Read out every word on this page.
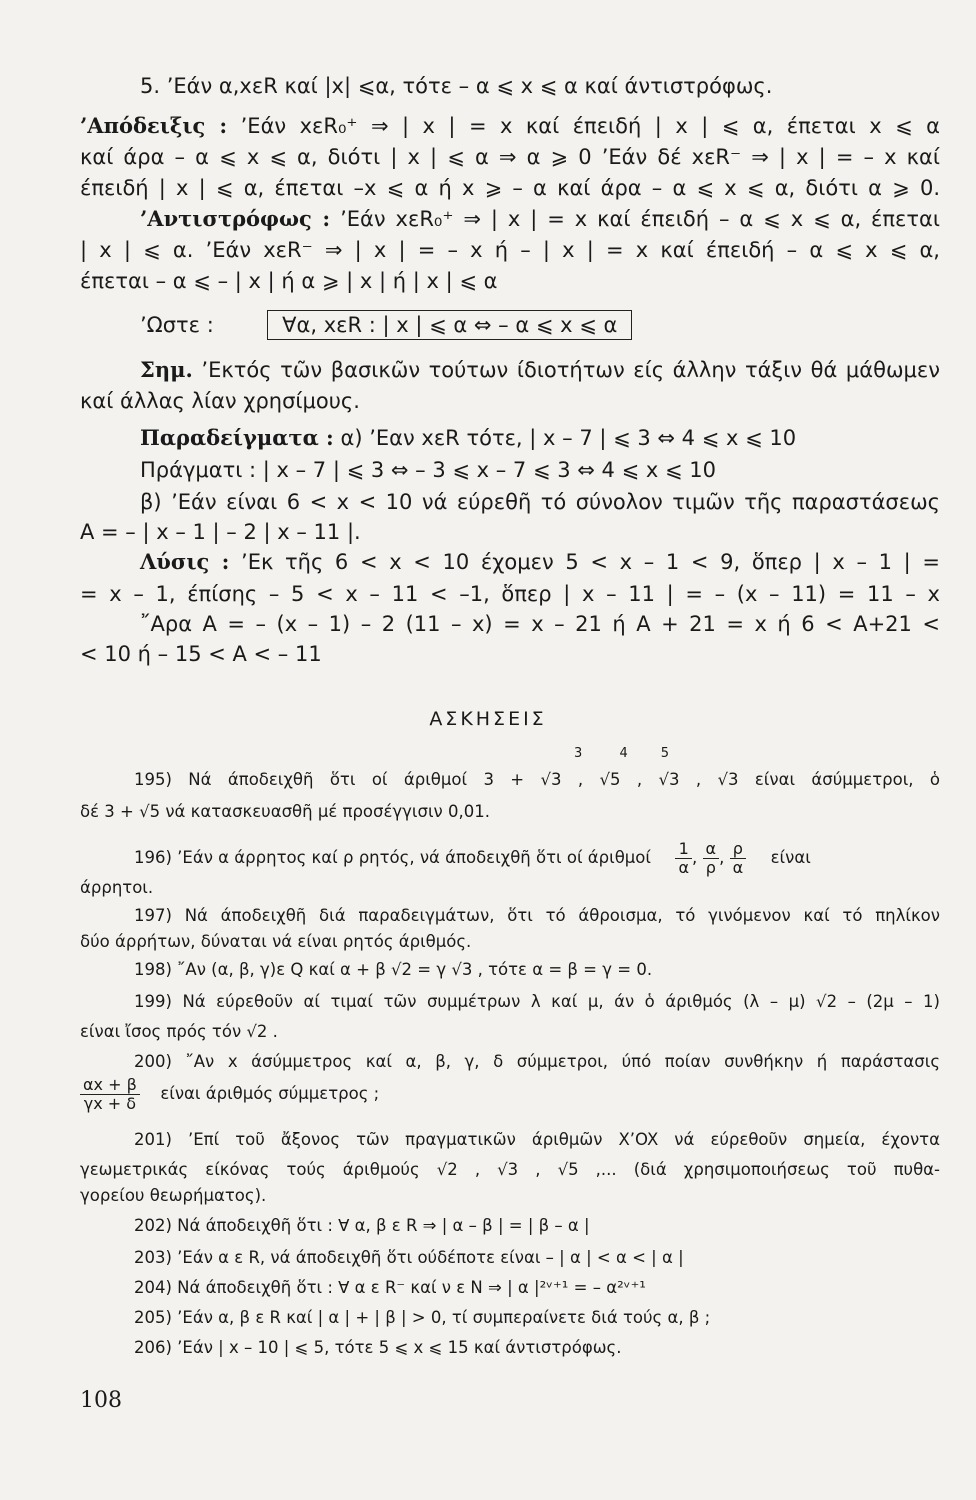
5. ’Εάν α,xεR καί |x| ⩽α, τότε – α ⩽ x ⩽ α καί άντιστρόφως.
’Απόδειξις : ’Εάν xεR₀⁺ ⇒ | x | = x καί έπειδή | x | ⩽ α, έπεται x ⩽ α
καί άρα – α ⩽ x ⩽ α, διότι | x | ⩽ α ⇒ α ⩾ 0 ’Εάν δέ xεR⁻ ⇒ | x | = – x καί
έπειδή | x | ⩽ α, έπεται –x ⩽ α ή x ⩾ – α καί άρα – α ⩽ x ⩽ α, διότι α ⩾ 0.
’Αντιστρόφως : ’Εάν xεR₀⁺ ⇒ | x | = x καί έπειδή – α ⩽ x ⩽ α, έπεται
| x | ⩽ α. ’Εάν xεR⁻ ⇒ | x | = – x ή – | x | = x καί έπειδή – α ⩽ x ⩽ α,
έπεται – α ⩽ – | x | ή α ⩾ | x | ή | x | ⩽ α
’Ωστε :	∀α, xεR : | x | ⩽ α ⇔ – α ⩽ x ⩽ α
Σημ. ’Εκτός τῶν βασικῶν τούτων ίδιοτήτων είς άλλην τάξιν θά μάθωμεν
καί άλλας λίαν χρησίμους.
Παραδείγματα : α) ’Εαν xεR τότε, | x – 7 | ⩽ 3 ⇔ 4 ⩽ x ⩽ 10
Πράγματι : | x – 7 | ⩽ 3 ⇔ – 3 ⩽ x – 7 ⩽ 3 ⇔ 4 ⩽ x ⩽ 10
β) ’Εάν είναι 6 < x < 10 νά εύρεθῆ τό σύνολον τιμῶν τῆς παραστάσεως
A = – | x – 1 | – 2 | x – 11 |.
Λύσις : ’Εκ τῆς 6 < x < 10 έχομεν 5 < x – 1 < 9, ὅπερ | x – 1 | =
= x – 1, έπίσης – 5 < x – 11 < –1, ὅπερ | x – 11 | = – (x – 11) = 11 – x
῎Αρα A = – (x – 1) – 2 (11 – x) = x – 21 ή A + 21 = x ή 6 < A+21 <
< 10 ή – 15 < A < – 11
ΑΣΚΗΣΕΙΣ
3         4        5
195) Νά άποδειχθῆ ὅτι οί άριθμοί 3 + √3 , √5 , √3 , √3 είναι άσύμμετροι, ὁ
δέ 3 + √5 νά κατασκευασθῆ μέ προσέγγισιν 0,01.
196) ’Εάν α άρρητος καί ρ ρητός, νά άποδειχθῆ ὅτι οί άριθμοί $\frac{1}{\alpha}$ , $\frac{\alpha}{\rho}$ , $\frac{\rho}{\alpha}$ είναι
άρρητοι.
197) Νά άποδειχθῆ διά παραδειγμάτων, ὅτι τό άθροισμα, τό γινόμενον καί τό πηλίκον
δύο άρρήτων, δύναται νά είναι ρητός άριθμός.
198) ῎Αν (α, β, γ)ε Q καί α + β √2 = γ √3 , τότε α = β = γ = 0.
199) Νά εύρεθοῦν αί τιμαί τῶν συμμέτρων λ καί μ, άν ὁ άριθμός (λ – μ) √2 – (2μ – 1)
είναι ἴσος πρός τόν √2 .
200) ῎Αν x άσύμμετρος καί α, β, γ, δ σύμμετροι, ύπό ποίαν συνθήκην ή παράστασις
$\frac{\alpha x + \beta}{\gamma x + \delta}$ είναι άριθμός σύμμετρος ;
201) ’Επί τοῦ ἄξονος τῶν πραγματικῶν άριθμῶν X’OX νά εύρεθοῦν σημεία, έχοντα
γεωμετρικάς είκόνας τούς άριθμούς √2 , √3 , √5 ,... (διά χρησιμοποιήσεως τοῦ πυθα-
γορείου θεωρήματος).
202) Νά άποδειχθῆ ὅτι : ∀ α, β ε R ⇒ | α – β | = | β – α |
203) ’Εάν α ε R, νά άποδειχθῆ ὅτι ούδέποτε είναι – | α | < α < | α |
204) Νά άποδειχθῆ ὅτι : ∀ α ε R⁻ καί ν ε N ⇒ | α |²ᵛ⁺¹ = – α²ᵛ⁺¹
205) ’Εάν α, β ε R καί | α | + | β | > 0, τί συμπεραίνετε διά τούς α, β ;
206) ’Εάν | x – 10 | ⩽ 5, τότε 5 ⩽ x ⩽ 15 καί άντιστρόφως.
108
